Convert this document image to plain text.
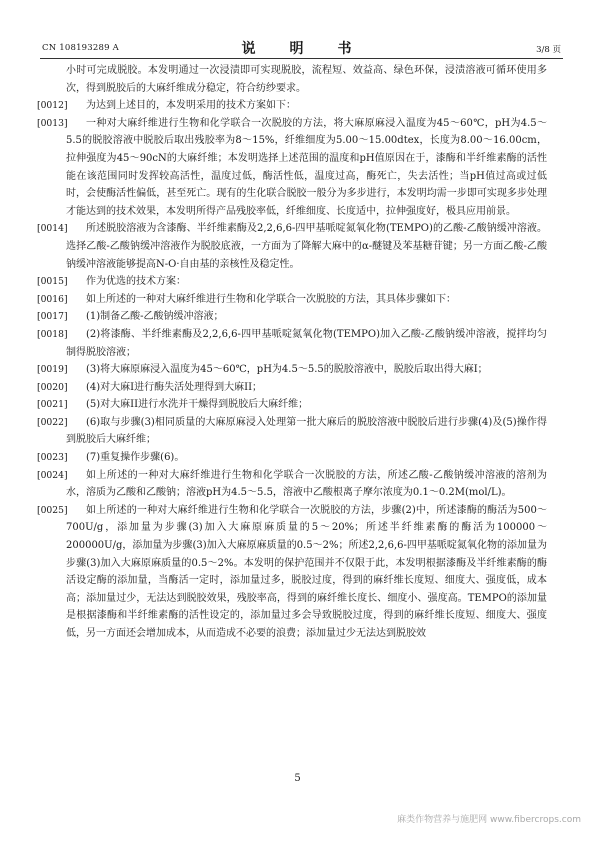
CN 108193289 A	说　明　书	3/8 页

小时可完成脱胶。本发明通过一次浸渍即可实现脱胶，流程短、效益高、绿色环保，浸渍溶液可循环使用多次，得到脱胶后的大麻纤维成分稳定，符合纺纱要求。

[0012] 为达到上述目的，本发明采用的技术方案如下：

[0013] 一种对大麻纤维进行生物和化学联合一次脱胶的方法，将大麻原麻浸入温度为45～60℃，pH为4.5～5.5的脱胶溶液中脱胶后取出残胶率为8～15%，纤维细度为5.00～15.00dtex，长度为8.00～16.00cm，拉伸强度为45～90cN的大麻纤维；本发明选择上述范围的温度和pH值原因在于，漆酶和半纤维素酶的活性能在该范围同时发挥较高活性，温度过低，酶活性低，温度过高，酶死亡，失去活性；当pH值过高或过低时，会使酶活性偏低，甚至死亡。现有的生化联合脱胶一般分为多步进行，本发明均需一步即可实现多步处理才能达到的技术效果，本发明所得产品残胶率低，纤维细度、长度适中，拉伸强度好，极具应用前景。

[0014] 所述脱胶溶液为含漆酶、半纤维素酶及2,2,6,6-四甲基哌啶氮氧化物(TEMPO)的乙酸-乙酸钠缓冲溶液。选择乙酸-乙酸钠缓冲溶液作为脱胶底液，一方面为了降解大麻中的α-醚键及苯基糖苷键；另一方面乙酸-乙酸钠缓冲溶液能够提高N-O·自由基的亲核性及稳定性。

[0015] 作为优选的技术方案：

[0016] 如上所述的一种对大麻纤维进行生物和化学联合一次脱胶的方法，其具体步骤如下：

[0017] (1)制备乙酸-乙酸钠缓冲溶液；

[0018] (2)将漆酶、半纤维素酶及2,2,6,6-四甲基哌啶氮氧化物(TEMPO)加入乙酸-乙酸钠缓冲溶液，搅拌均匀制得脱胶溶液；

[0019] (3)将大麻原麻浸入温度为45～60℃，pH为4.5～5.5的脱胶溶液中，脱胶后取出得大麻I；

[0020] (4)对大麻I进行酶失活处理得到大麻II；

[0021] (5)对大麻II进行水洗并干燥得到脱胶后大麻纤维；

[0022] (6)取与步骤(3)相同质量的大麻原麻浸入处理第一批大麻后的脱胶溶液中脱胶后进行步骤(4)及(5)操作得到脱胶后大麻纤维；

[0023] (7)重复操作步骤(6)。

[0024] 如上所述的一种对大麻纤维进行生物和化学联合一次脱胶的方法，所述乙酸-乙酸钠缓冲溶液的溶剂为水，溶质为乙酸和乙酸钠；溶液pH为4.5～5.5，溶液中乙酸根离子摩尔浓度为0.1～0.2M(mol/L)。

[0025] 如上所述的一种对大麻纤维进行生物和化学联合一次脱胶的方法，步骤(2)中，所述漆酶的酶活为500～700U/g，添加量为步骤(3)加入大麻原麻质量的5～20%；所述半纤维素酶的酶活为100000～200000U/g，添加量为步骤(3)加入大麻原麻质量的0.5～2%；所述2,2,6,6-四甲基哌啶氮氧化物的添加量为步骤(3)加入大麻原麻质量的0.5～2%。本发明的保护范围并不仅限于此，本发明根据漆酶及半纤维素酶的酶活设定酶的添加量，当酶活一定时，添加量过多，脱胶过度，得到的麻纤维长度短、细度大、强度低，成本高；添加量过少，无法达到脱胶效果，残胶率高，得到的麻纤维长度长、细度小、强度高。TEMPO的添加量是根据漆酶和半纤维素酶的活性设定的，添加量过多会导致脱胶过度，得到的麻纤维长度短、细度大、强度低，另一方面还会增加成本，从而造成不必要的浪费；添加量过少无法达到脱胶效

5
麻类作物营养与施肥网 www.fibercrops.com
